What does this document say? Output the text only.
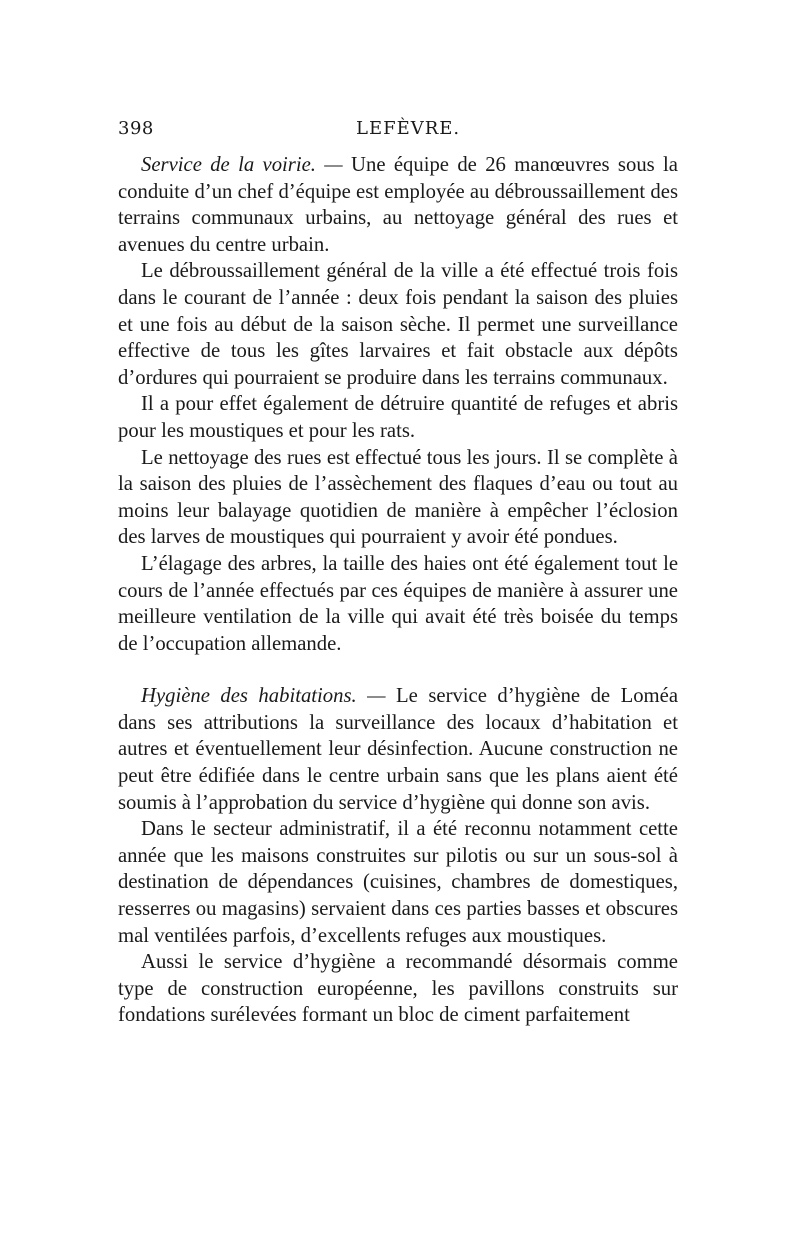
398	LEFÈVRE.

Service de la voirie. — Une équipe de 26 manœuvres sous la conduite d’un chef d’équipe est employée au débroussaillement des terrains communaux urbains, au nettoyage général des rues et avenues du centre urbain.

Le débroussaillement général de la ville a été effectué trois fois dans le courant de l’année : deux fois pendant la saison des pluies et une fois au début de la saison sèche. Il permet une surveillance effective de tous les gîtes larvaires et fait obstacle aux dépôts d’ordures qui pourraient se produire dans les terrains communaux.

Il a pour effet également de détruire quantité de refuges et abris pour les moustiques et pour les rats.

Le nettoyage des rues est effectué tous les jours. Il se complète à la saison des pluies de l’assèchement des flaques d’eau ou tout au moins leur balayage quotidien de manière à empêcher l’éclosion des larves de moustiques qui pourraient y avoir été pondues.

L’élagage des arbres, la taille des haies ont été également tout le cours de l’année effectués par ces équipes de manière à assurer une meilleure ventilation de la ville qui avait été très boisée du temps de l’occupation allemande.

Hygiène des habitations. — Le service d’hygiène de Loméa dans ses attributions la surveillance des locaux d’habitation et autres et éventuellement leur désinfection. Aucune construction ne peut être édifiée dans le centre urbain sans que les plans aient été soumis à l’approbation du service d’hygiène qui donne son avis.

Dans le secteur administratif, il a été reconnu notamment cette année que les maisons construites sur pilotis ou sur un sous-sol à destination de dépendances (cuisines, chambres de domestiques, resserres ou magasins) servaient dans ces parties basses et obscures mal ventilées parfois, d’excellents refuges aux moustiques.

Aussi le service d’hygiène a recommandé désormais comme type de construction européenne, les pavillons construits sur fondations surélevées formant un bloc de ciment parfaitement
